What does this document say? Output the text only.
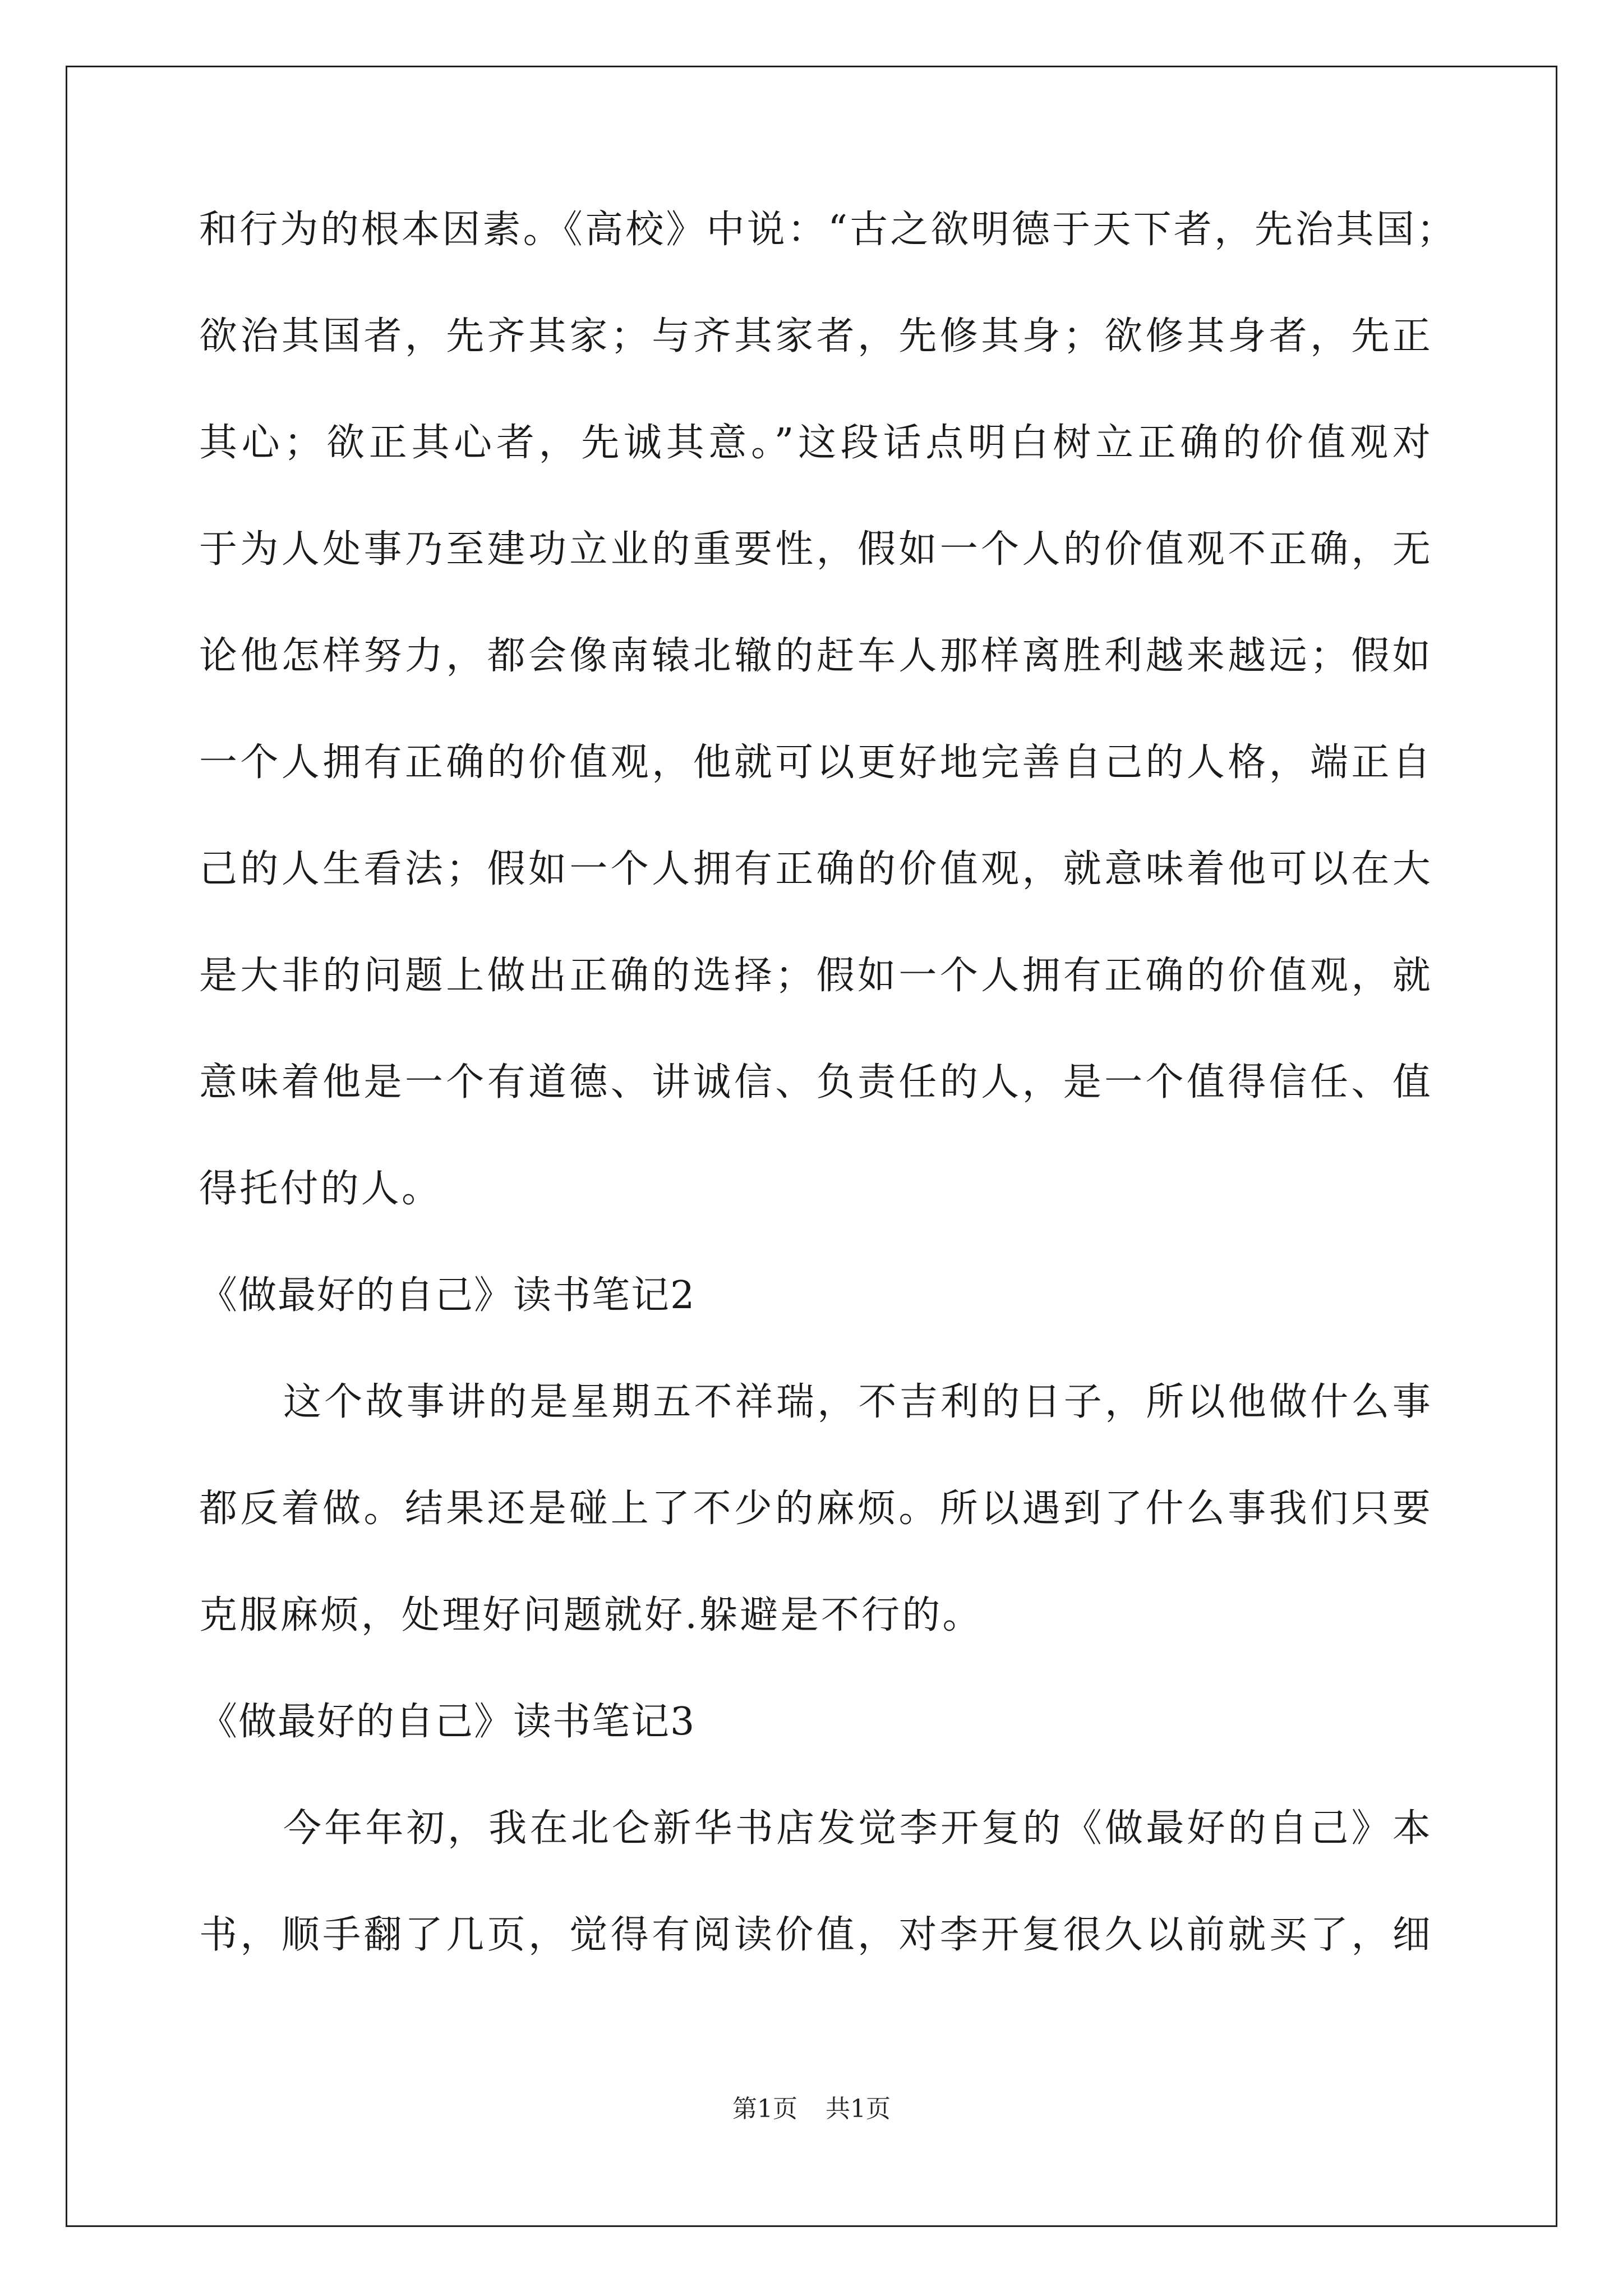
和行为的根本因素。《高校》中说：“古之欲明德于天下者，先治其国；
欲治其国者，先齐其家；与齐其家者，先修其身；欲修其身者，先正
其心；欲正其心者，先诚其意。”这段话点明白树立正确的价值观对
于为人处事乃至建功立业的重要性，假如一个人的价值观不正确，无
论他怎样努力，都会像南辕北辙的赶车人那样离胜利越来越远；假如
一个人拥有正确的价值观，他就可以更好地完善自己的人格，端正自
己的人生看法；假如一个人拥有正确的价值观，就意味着他可以在大
是大非的问题上做出正确的选择；假如一个人拥有正确的价值观，就
意味着他是一个有道德、讲诚信、负责任的人，是一个值得信任、值
得托付的人。
《做最好的自己》读书笔记2
这个故事讲的是星期五不祥瑞，不吉利的日子，所以他做什么事
都反着做。结果还是碰上了不少的麻烦。所以遇到了什么事我们只要
克服麻烦，处理好问题就好.躲避是不行的。
《做最好的自己》读书笔记3
今年年初，我在北仑新华书店发觉李开复的《做最好的自己》本
书，顺手翻了几页，觉得有阅读价值，对李开复很久以前就买了，细
第1页 共1页
